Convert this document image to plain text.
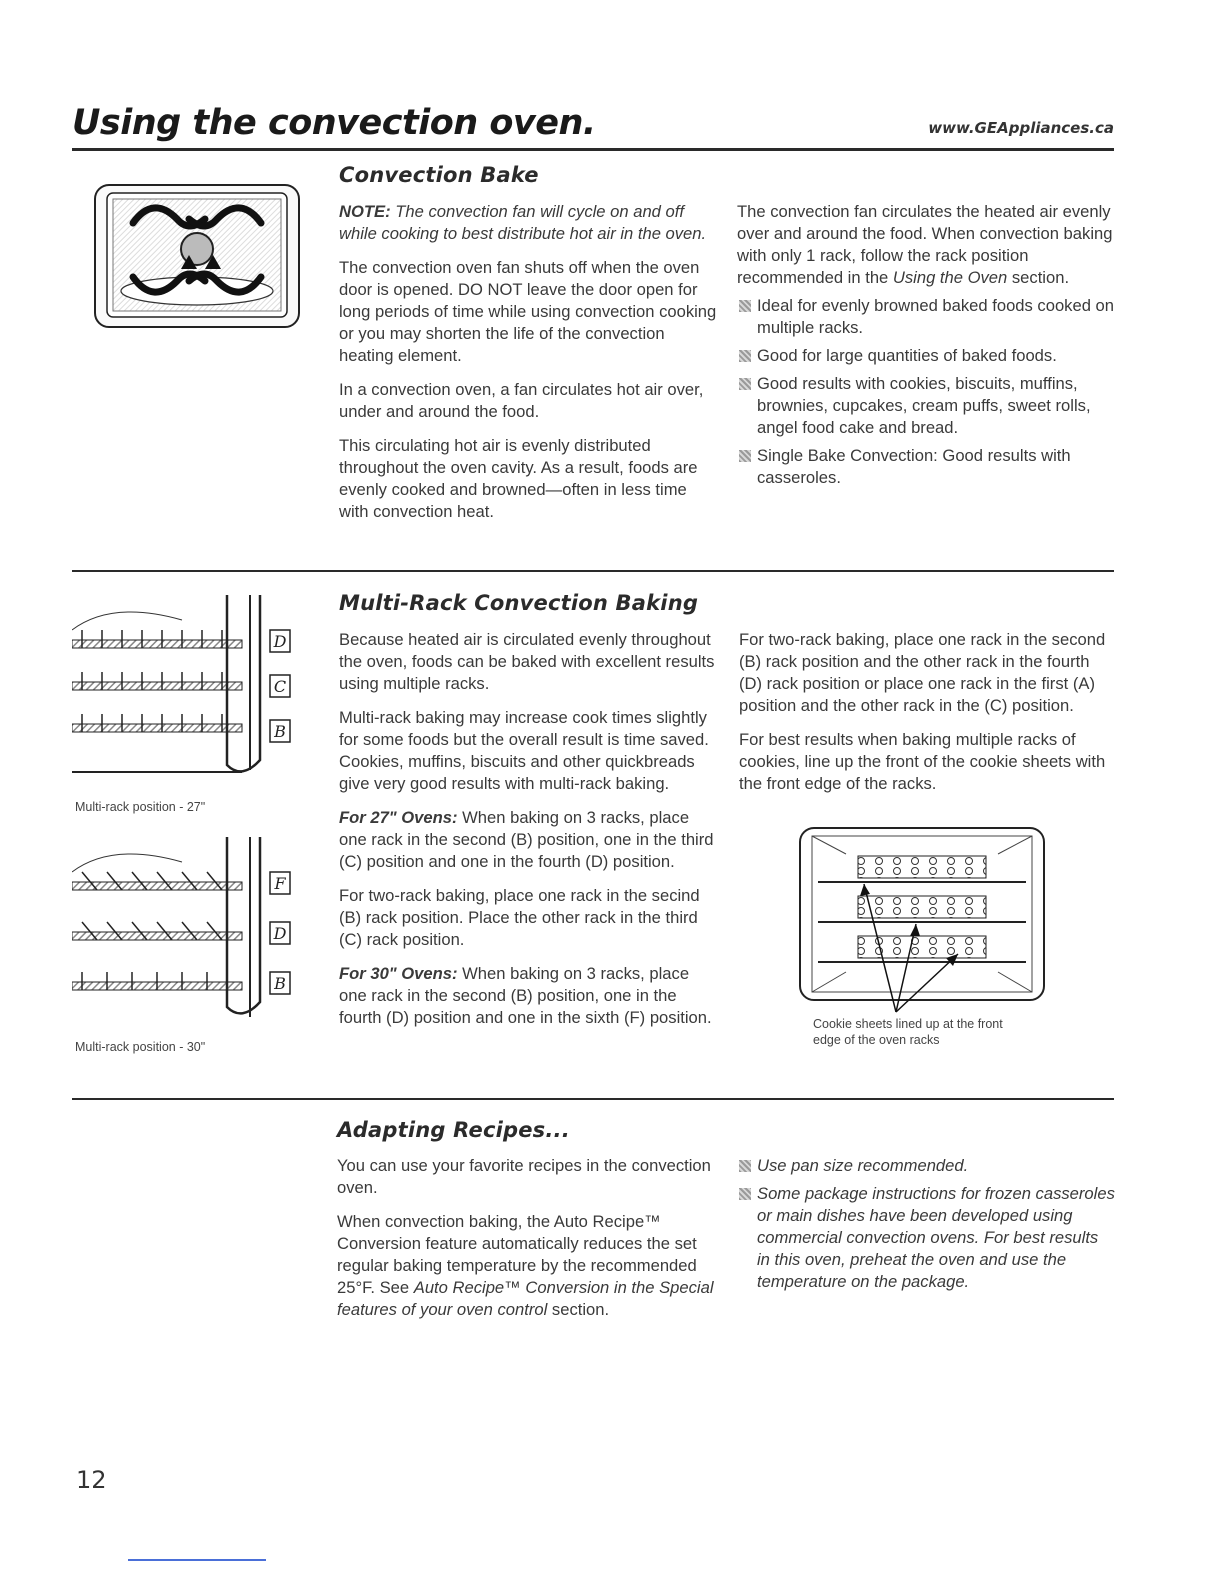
Using the convection oven.	www.GEAppliances.ca
Convection Bake

NOTE: The convection fan will cycle on and off while cooking to best distribute hot air in the oven.

The convection oven fan shuts off when the oven door is opened. DO NOT leave the door open for long periods of time while using convection cooking or you may shorten the life of the convection heating element.

In a convection oven, a fan circulates hot air over, under and around the food.

This circulating hot air is evenly distributed throughout the oven cavity. As a result, foods are evenly cooked and browned—often in less time with convection heat.

The convection fan circulates the heated air evenly over and around the food. When convection baking with only 1 rack, follow the rack position recommended in the Using the Oven section.

Ideal for evenly browned baked foods cooked on multiple racks.
Good for large quantities of baked foods.
Good results with cookies, biscuits, muffins, brownies, cupcakes, cream puffs, sweet rolls, angel food cake and bread.
Single Bake Convection: Good results with casseroles.
D
C
B
Multi-rack position - 27"
F
D
B
Multi-rack position - 30"
Multi-Rack Convection Baking

Because heated air is circulated evenly throughout the oven, foods can be baked with excellent results using multiple racks.

Multi-rack baking may increase cook times slightly for some foods but the overall result is time saved. Cookies, muffins, biscuits and other quickbreads give very good results with multi-rack baking.

For 27" Ovens: When baking on 3 racks, place one rack in the second (B) position, one in the third (C) position and one in the fourth (D) position.

For two-rack baking, place one rack in the secind (B) rack position. Place the other rack in the third (C) rack position.

For 30" Ovens: When baking on 3 racks, place one rack in the second (B) position, one in the fourth (D) position and one in the sixth (F) position.

For two-rack baking, place one rack in the second (B) rack position and the other rack in the fourth (D) rack position or place one rack in the first (A) position and the other rack in the (C) position.

For best results when baking multiple racks of cookies, line up the front of the cookie sheets with the front edge of the racks.

Cookie sheets lined up at the front edge of the oven racks
Adapting Recipes...

You can use your favorite recipes in the convection oven.

When convection baking, the Auto Recipe™ Conversion feature automatically reduces the set regular baking temperature by the recommended 25°F. See Auto Recipe™ Conversion in the Special features of your oven control section.

Use pan size recommended.
Some package instructions for frozen casseroles or main dishes have been developed using commercial convection ovens. For best results in this oven, preheat the oven and use the temperature on the package.
12
